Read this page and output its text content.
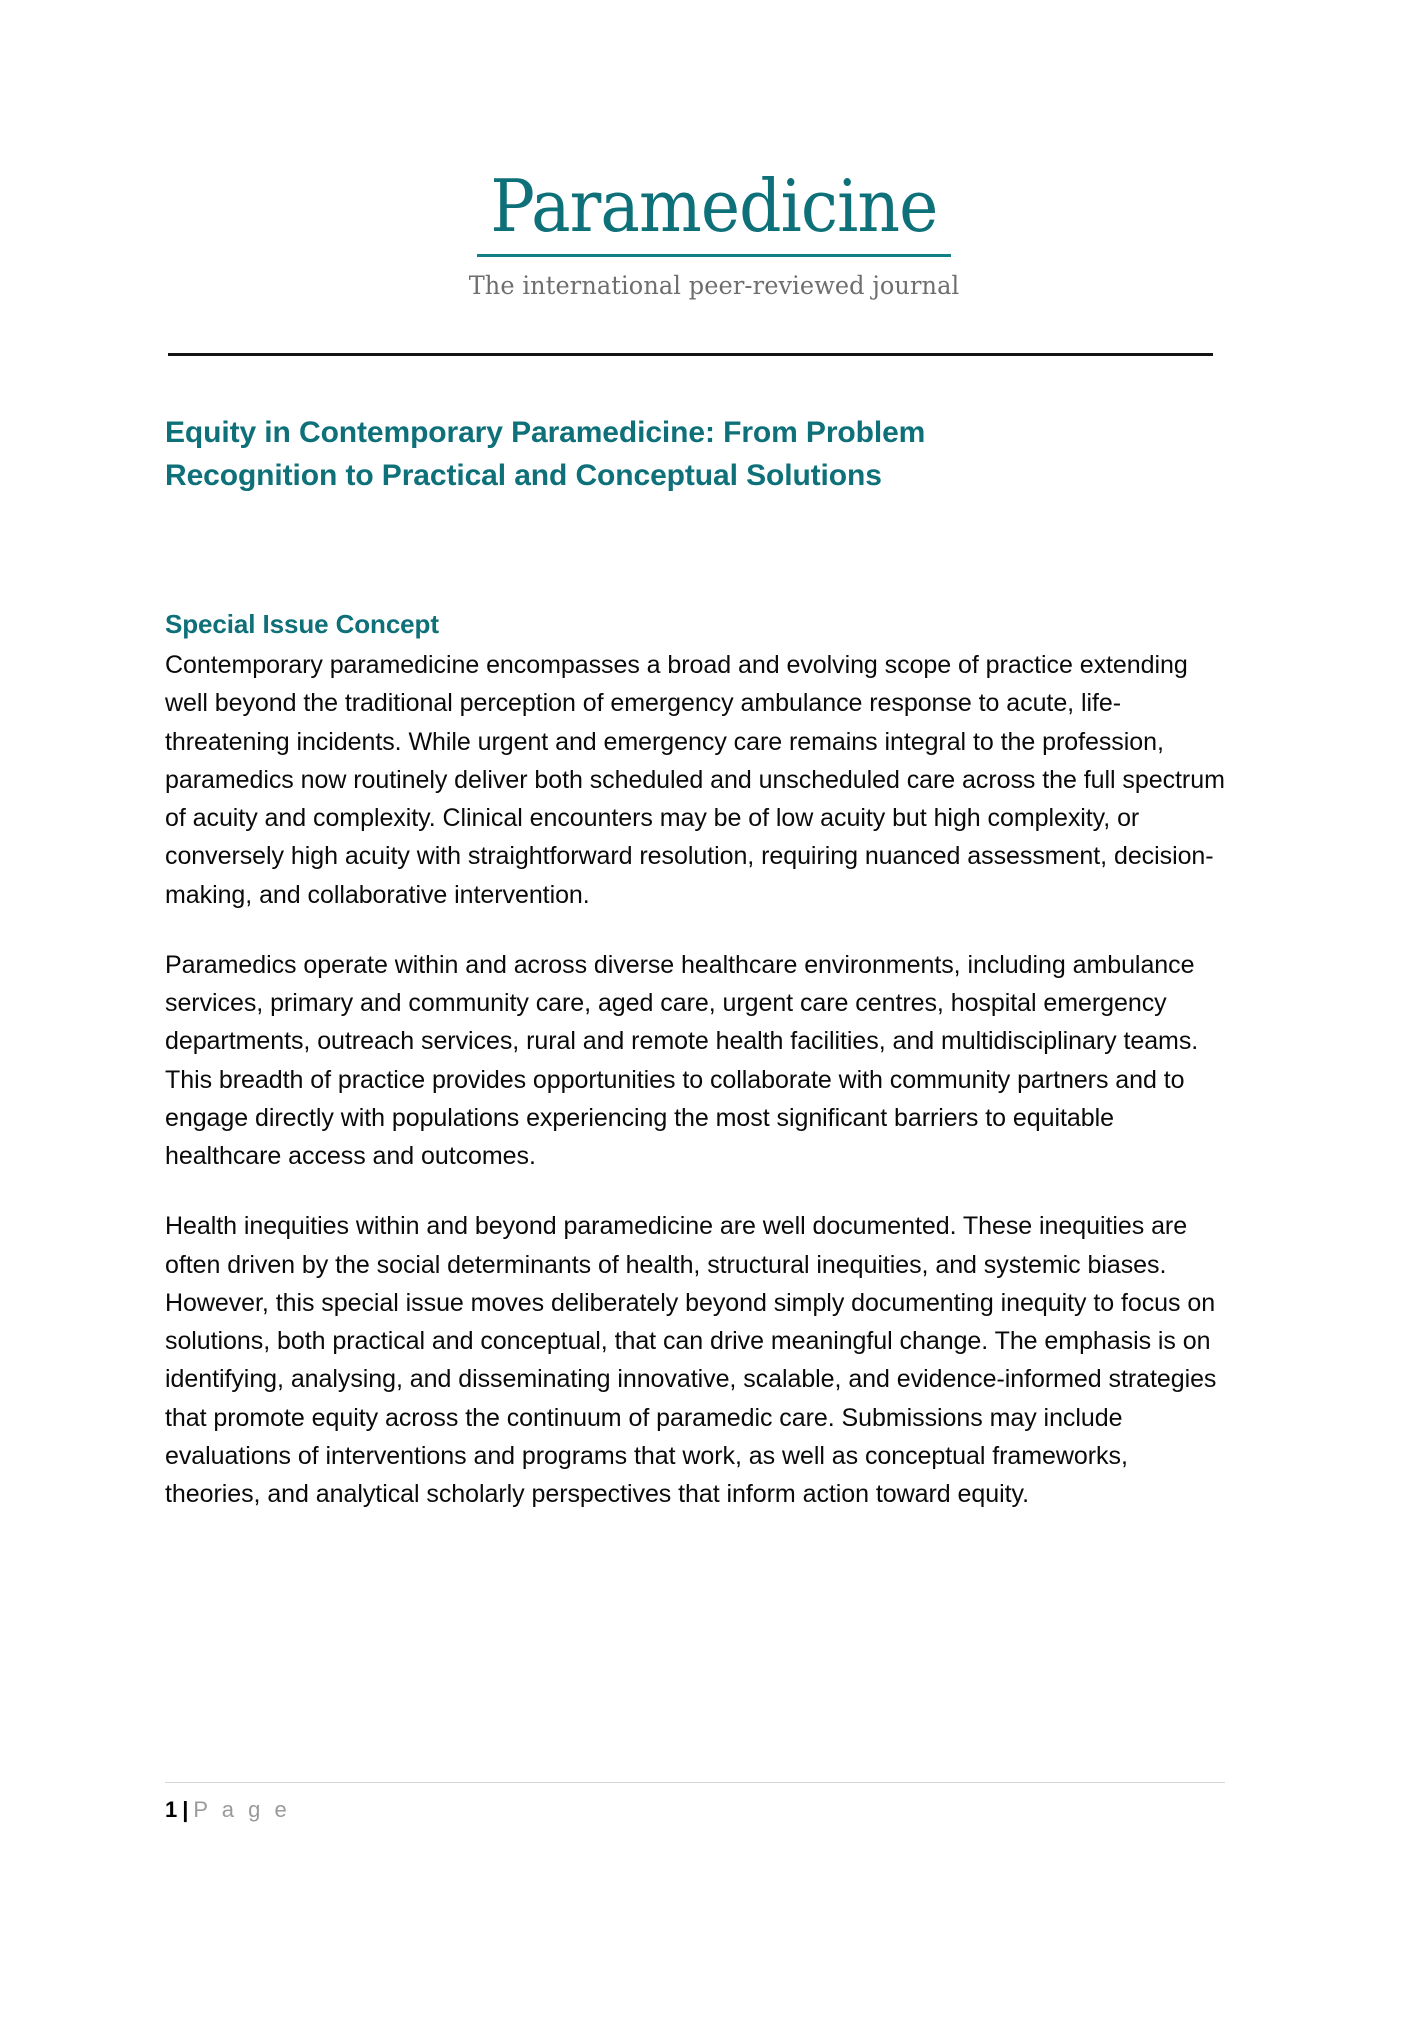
Paramedicine
The international peer-reviewed journal
Equity in Contemporary Paramedicine: From Problem Recognition to Practical and Conceptual Solutions
Special Issue Concept

Contemporary paramedicine encompasses a broad and evolving scope of practice extending well beyond the traditional perception of emergency ambulance response to acute, life-threatening incidents. While urgent and emergency care remains integral to the profession, paramedics now routinely deliver both scheduled and unscheduled care across the full spectrum of acuity and complexity. Clinical encounters may be of low acuity but high complexity, or conversely high acuity with straightforward resolution, requiring nuanced assessment, decision-making, and collaborative intervention.

Paramedics operate within and across diverse healthcare environments, including ambulance services, primary and community care, aged care, urgent care centres, hospital emergency departments, outreach services, rural and remote health facilities, and multidisciplinary teams. This breadth of practice provides opportunities to collaborate with community partners and to engage directly with populations experiencing the most significant barriers to equitable healthcare access and outcomes.

Health inequities within and beyond paramedicine are well documented. These inequities are often driven by the social determinants of health, structural inequities, and systemic biases. However, this special issue moves deliberately beyond simply documenting inequity to focus on solutions, both practical and conceptual, that can drive meaningful change. The emphasis is on identifying, analysing, and disseminating innovative, scalable, and evidence-informed strategies that promote equity across the continuum of paramedic care. Submissions may include evaluations of interventions and programs that work, as well as conceptual frameworks, theories, and analytical scholarly perspectives that inform action toward equity.

1 | P a g e
